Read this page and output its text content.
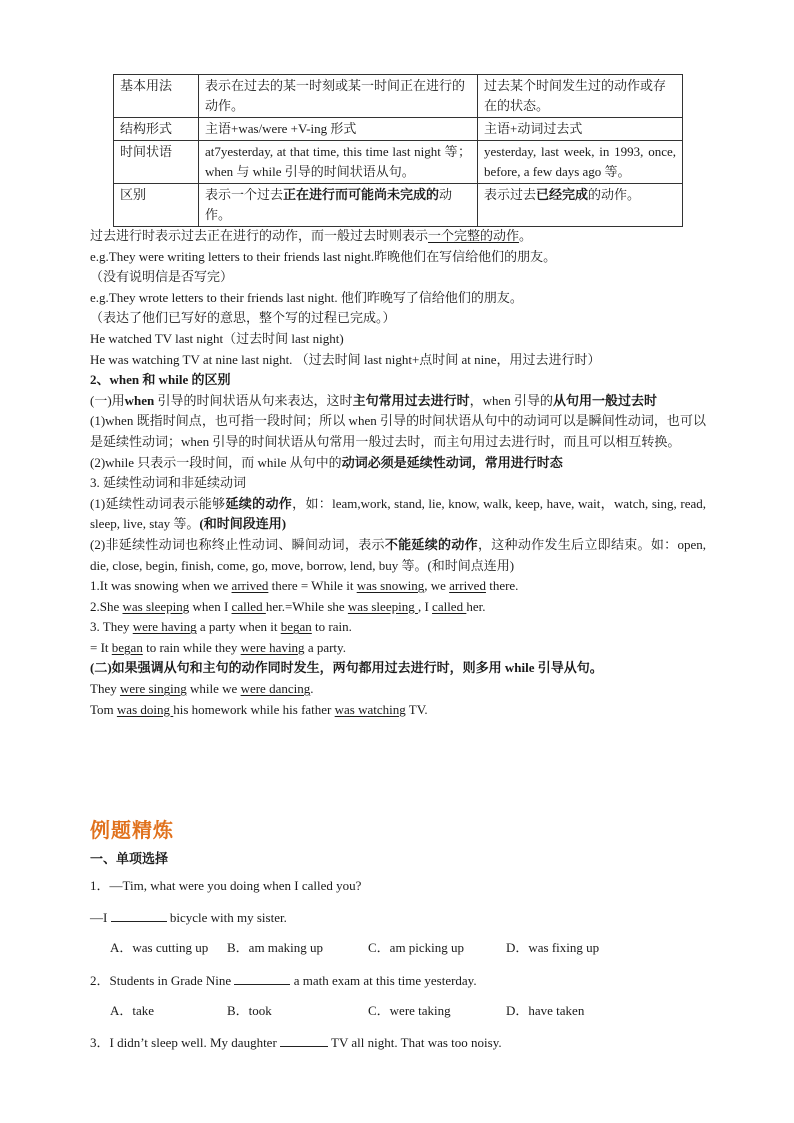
基本用法	表示在过去的某一时刻或某一时间正在进行的动作。	过去某个时间发生过的动作或存在的状态。
结构形式	主语+was/were +V-ing 形式	主语+动词过去式
时间状语	at7yesterday, at that time, this time last night 等；when 与 while 引导的时间状语从句。	yesterday, last week, in 1993, once, before, a few days ago 等。
区别	表示一个过去正在进行而可能尚未完成的动作。	表示过去已经完成的动作。

过去进行时表示过去正在进行的动作，而一般过去时则表示一个完整的动作。

e.g.They were writing letters to their friends last night.昨晚他们在写信给他们的朋友。

（没有说明信是否写完）

e.g.They wrote letters to their friends last night. 他们昨晚写了信给他们的朋友。

（表达了他们已写好的意思，整个写的过程已完成。）

He watched TV last night（过去时间 last night)

He was watching TV at nine last night. （过去时间 last night+点时间 at nine，用过去进行时）

2、when 和 while 的区别

(一)用when 引导的时间状语从句来表达，这时主句常用过去进行时，when 引导的从句用一般过去时

(1)when 既指时间点，也可指一段时间；所以 when 引导的时间状语从句中的动词可以是瞬间性动词，也可以是延续性动词；when 引导的时间状语从句常用一般过去时，而主句用过去进行时，而且可以相互转换。

(2)while 只表示一段时间，而 while 从句中的动词必须是延续性动词，常用进行时态

3. 延续性动词和非延续动词

(1)延续性动词表示能够延续的动作，如：leam,work, stand, lie, know, walk, keep, have, wait，watch, sing, read, sleep, live, stay 等。(和时间段连用)

(2)非延续性动词也称终止性动词、瞬间动词，表示不能延续的动作，这种动作发生后立即结束。如：open, die, close, begin, finish, come, go, move, borrow, lend, buy 等。(和时间点连用)

1.It was snowing when we arrived there = While it was snowing, we arrived there.

2.She was sleeping when I called her.=While she was sleeping , I called her.

3. They were having a party when it began to rain.

= It began to rain while they were having a party.

(二)如果强调从句和主句的动作同时发生，两句都用过去进行时，则多用 while 引导从句。

They were singing while we were dancing.

Tom was doing his homework while his father was watching TV.

例题精炼
一、单项选择
1．—Tim, what were you doing when I called you?
—I	bicycle with my sister.
A．was cutting up B．am making up	C．am picking up	D．was fixing up
2．Students in Grade Nine	a math exam at this time yesterday.
A．take	B．took	C．were taking	D．have taken
3．I didn’t sleep well. My daughter	TV all night. That was too noisy.
